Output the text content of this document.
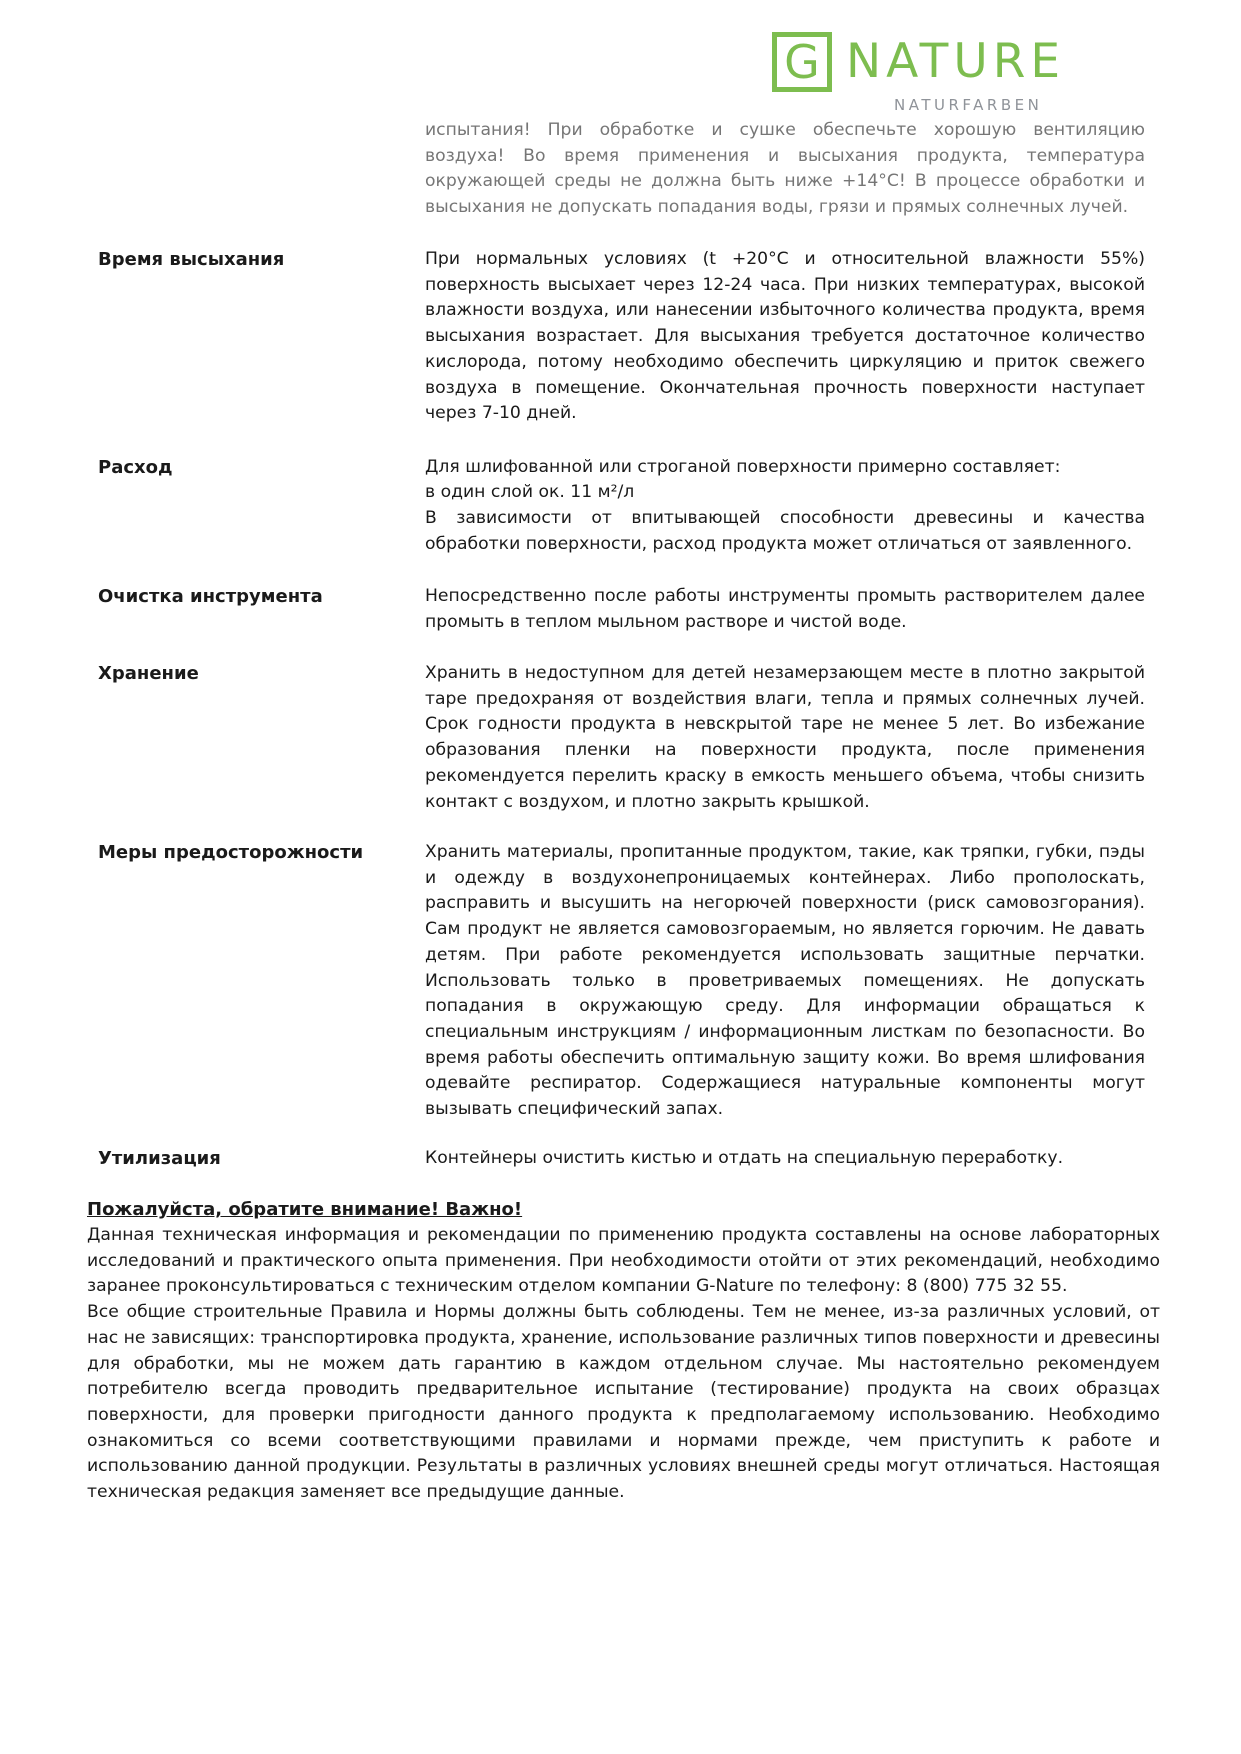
G NATURE
NATURFARBEN
испытания! При обработке и сушке обеспечьте хорошую вентиляцию воздуха! Во время применения и высыхания продукта, температура окружающей среды не должна быть ниже +14°С! В процессе обработки и высыхания не допускать попадания воды, грязи и прямых солнечных лучей.
Время высыхания	При нормальных условиях (t +20°С и относительной влажности 55%) поверхность высыхает через 12-24 часа. При низких температурах, высокой влажности воздуха, или нанесении избыточного количества продукта, время высыхания возрастает. Для высыхания требуется достаточное количество кислорода, потому необходимо обеспечить циркуляцию и приток свежего воздуха в помещение. Окончательная прочность поверхности наступает через 7-10 дней.
Расход	Для шлифованной или строганой поверхности примерно составляет:
в один слой ок. 11 м²/л
В зависимости от впитывающей способности древесины и качества обработки поверхности, расход продукта может отличаться от заявленного.
Очистка инструмента	Непосредственно после работы инструменты промыть растворителем далее промыть в теплом мыльном растворе и чистой воде.
Хранение	Хранить в недоступном для детей незамерзающем месте в плотно закрытой таре предохраняя от воздействия влаги, тепла и прямых солнечных лучей. Срок годности продукта в невскрытой таре не менее 5 лет. Во избежание образования пленки на поверхности продукта, после применения рекомендуется перелить краску в емкость меньшего объема, чтобы снизить контакт с воздухом, и плотно закрыть крышкой.
Меры предосторожности	Хранить материалы, пропитанные продуктом, такие, как тряпки, губки, пэды и одежду в воздухонепроницаемых контейнерах. Либо прополоскать, расправить и высушить на негорючей поверхности (риск самовозгорания). Сам продукт не является самовозгораемым, но является горючим. Не давать детям. При работе рекомендуется использовать защитные перчатки. Использовать только в проветриваемых помещениях. Не допускать попадания в окружающую среду. Для информации обращаться к специальным инструкциям / информационным листкам по безопасности. Во время работы обеспечить оптимальную защиту кожи. Во время шлифования одевайте респиратор. Содержащиеся натуральные компоненты могут вызывать специфический запах.
Утилизация	Контейнеры очистить кистью и отдать на специальную переработку.
Пожалуйста, обратите внимание! Важно!

Данная техническая информация и рекомендации по применению продукта составлены на основе лабораторных исследований и практического опыта применения. При необходимости отойти от этих рекомендаций, необходимо заранее проконсультироваться с техническим отделом компании G-Nature по телефону: 8 (800) 775 32 55.

Все общие строительные Правила и Нормы должны быть соблюдены. Тем не менее, из-за различных условий, от нас не зависящих: транспортировка продукта, хранение, использование различных типов поверхности и древесины для обработки, мы не можем дать гарантию в каждом отдельном случае. Мы настоятельно рекомендуем потребителю всегда проводить предварительное испытание (тестирование) продукта на своих образцах поверхности, для проверки пригодности данного продукта к предполагаемому использованию. Необходимо ознакомиться со всеми соответствующими правилами и нормами прежде, чем приступить к работе и использованию данной продукции. Результаты в различных условиях внешней среды могут отличаться. Настоящая техническая редакция заменяет все предыдущие данные.
